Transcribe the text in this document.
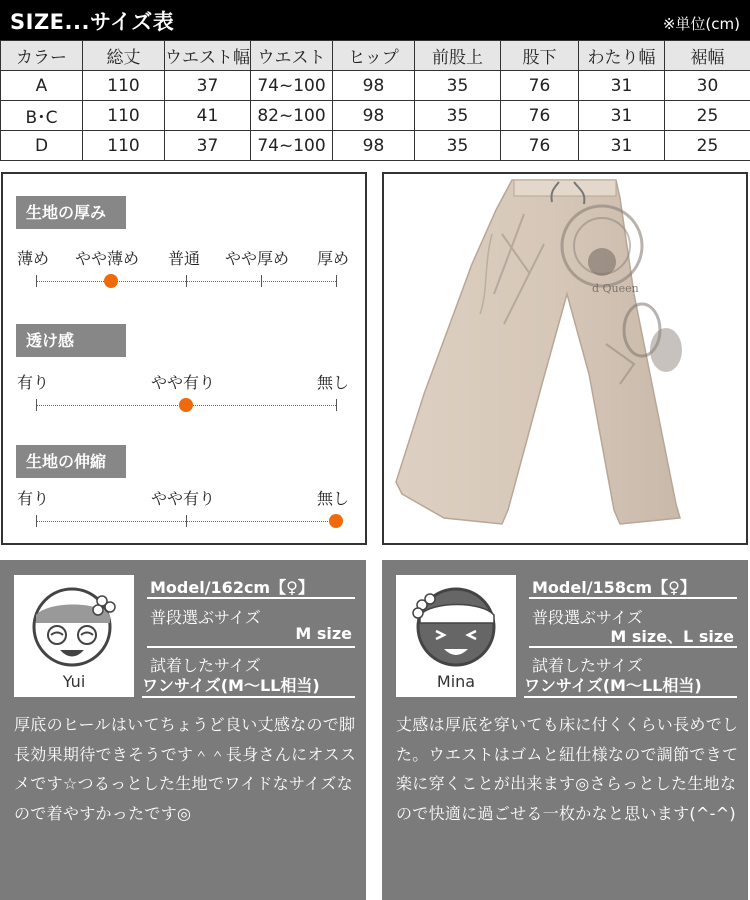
SIZE...サイズ表	※単位(cm)
カラー	総丈	ウエスト幅	ウエスト	ヒップ	前股上	股下	わたり幅	裾幅
A	110	37	74~100	98	35	76	31	30
B･C	110	41	82~100	98	35	76	31	25
D	110	37	74~100	98	35	76	31	25
生地の厚み
薄め やや薄め 普通 やや厚め 厚め
透け感
有り	やや有り	無し
生地の伸縮
有り	やや有り	無し
d Queen
Yui
Model/162cm【♀】
普段選ぶサイズ
M size
試着したサイズ
ワンサイズ(M〜LL相当)
厚底のヒールはいてちょうど良い丈感なので脚長効果期待できそうです＾＾長身さんにオススメです☆つるっとした生地でワイドなサイズなので着やすかったです◎
Mina
Model/158cm【♀】
普段選ぶサイズ
M size、L size
試着したサイズ
ワンサイズ(M〜LL相当)
丈感は厚底を穿いても床に付くくらい長めでした。ウエストはゴムと紐仕様なので調節できて楽に穿くことが出来ます◎さらっとした生地なので快適に過ごせる一枚かなと思います(^-^)
